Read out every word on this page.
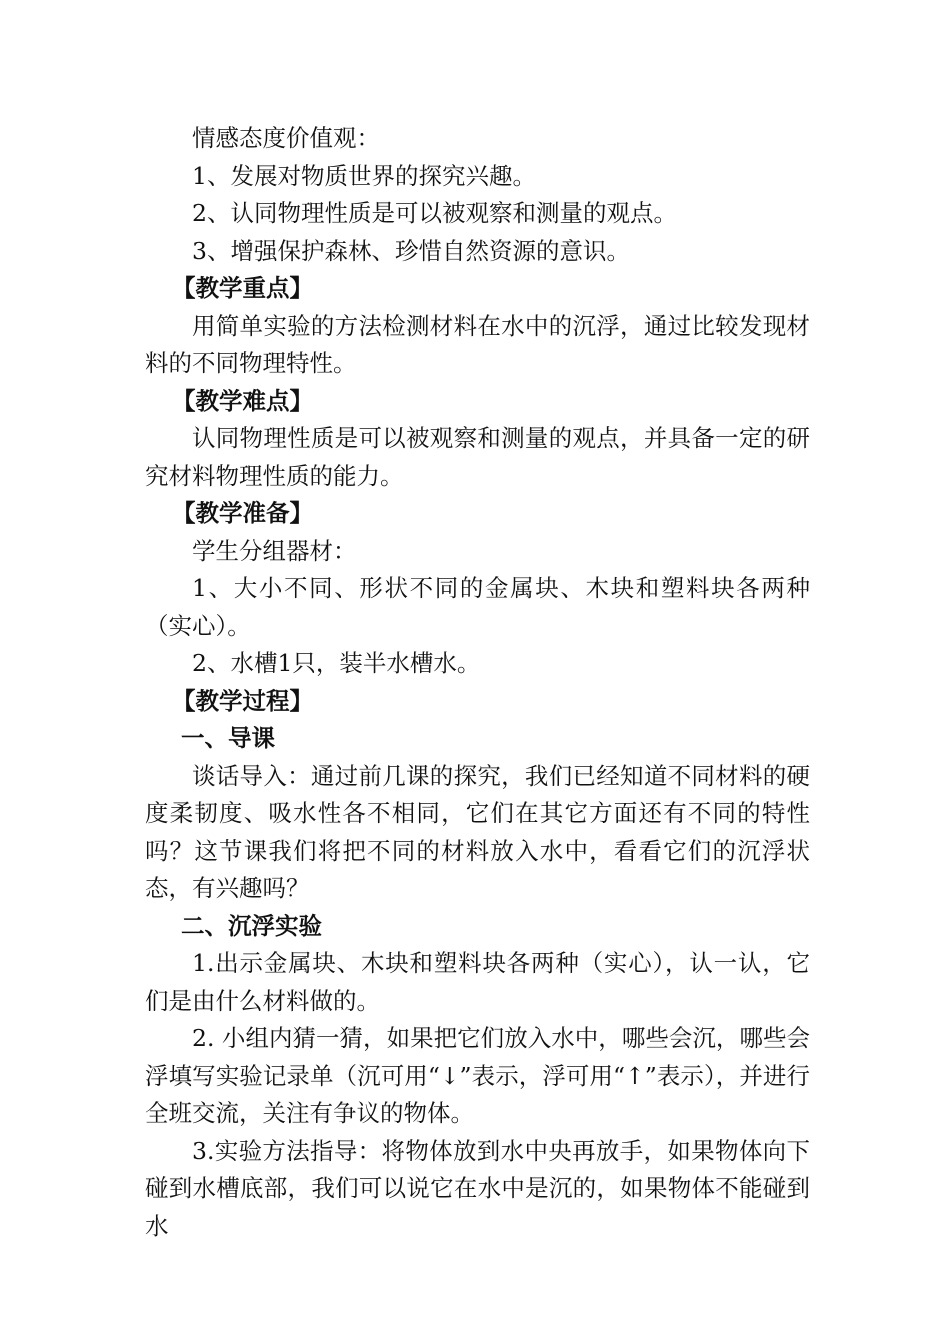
情感态度价值观：

1、发展对物质世界的探究兴趣。

2、认同物理性质是可以被观察和测量的观点。

3、增强保护森林、珍惜自然资源的意识。

【教学重点】

用简单实验的方法检测材料在水中的沉浮，通过比较发现材料的不同物理特性。

【教学难点】

认同物理性质是可以被观察和测量的观点，并具备一定的研究材料物理性质的能力。

【教学准备】

学生分组器材：

1、大小不同、形状不同的金属块、木块和塑料块各两种（实心）。

2、水槽1只，装半水槽水。

【教学过程】

一、导课

谈话导入：通过前几课的探究，我们已经知道不同材料的硬度柔韧度、吸水性各不相同，它们在其它方面还有不同的特性吗？这节课我们将把不同的材料放入水中，看看它们的沉浮状态，有兴趣吗？

二、沉浮实验

1.出示金属块、木块和塑料块各两种（实心），认一认，它们是由什么材料做的。

2. 小组内猜一猜，如果把它们放入水中，哪些会沉，哪些会浮填写实验记录单（沉可用“↓”表示，浮可用“↑”表示），并进行全班交流，关注有争议的物体。

3.实验方法指导：将物体放到水中央再放手，如果物体向下碰到水槽底部，我们可以说它在水中是沉的，如果物体不能碰到水
